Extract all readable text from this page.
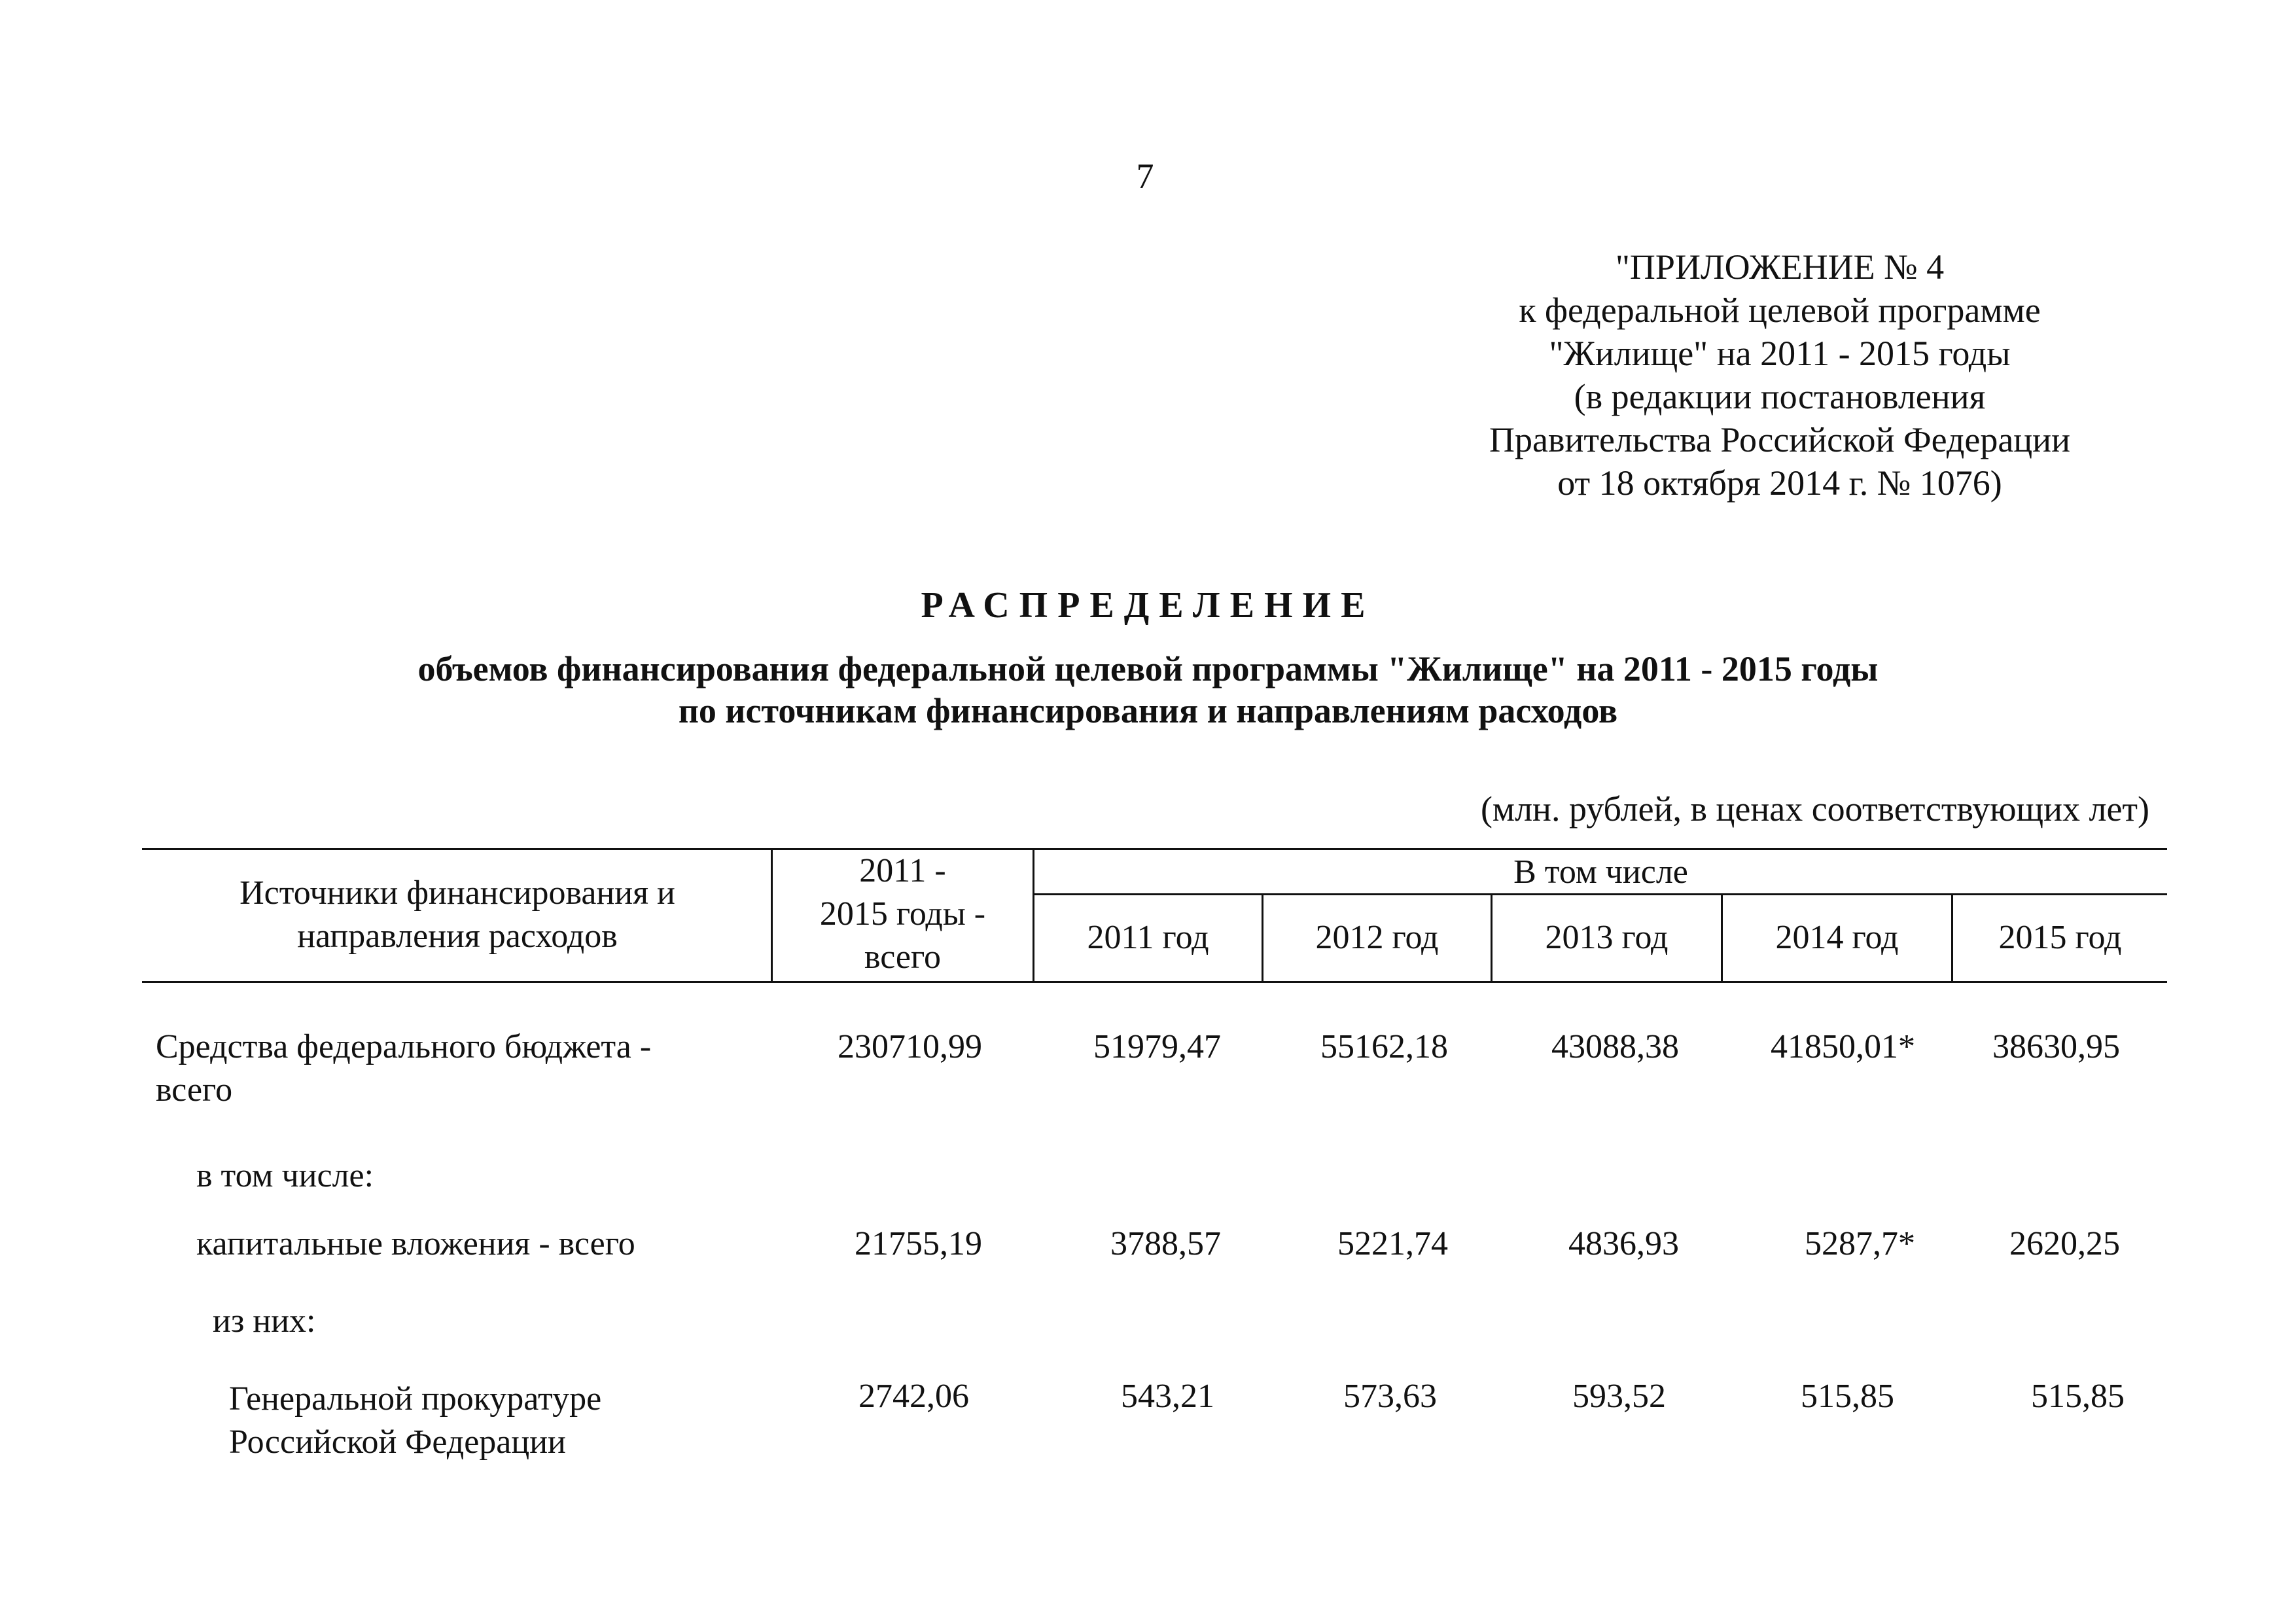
7
"ПРИЛОЖЕНИЕ № 4
к федеральной целевой программе
"Жилище" на 2011 - 2015 годы
(в редакции постановления
Правительства Российской Федерации
от 18 октября 2014 г. № 1076)
РАСПРЕДЕЛЕНИЕ
объемов финансирования федеральной целевой программы "Жилище" на 2011 - 2015 годы
по источникам финансирования и направлениям расходов
(млн. рублей, в ценах соответствующих лет)
Источники финансирования и
направления расходов
2011 -
2015 годы -
всего
В том числе
2011 год	2012 год	2013 год	2014 год	2015 год
Средства федерального бюджета -
всего
230710,99	51979,47	55162,18	43088,38	41850,01*	38630,95
в том числе:
капитальные вложения - всего	21755,19	3788,57	5221,74	4836,93	5287,7*	2620,25
из них:
Генеральной прокуратуре
Российской Федерации
2742,06	543,21	573,63	593,52	515,85	515,85
